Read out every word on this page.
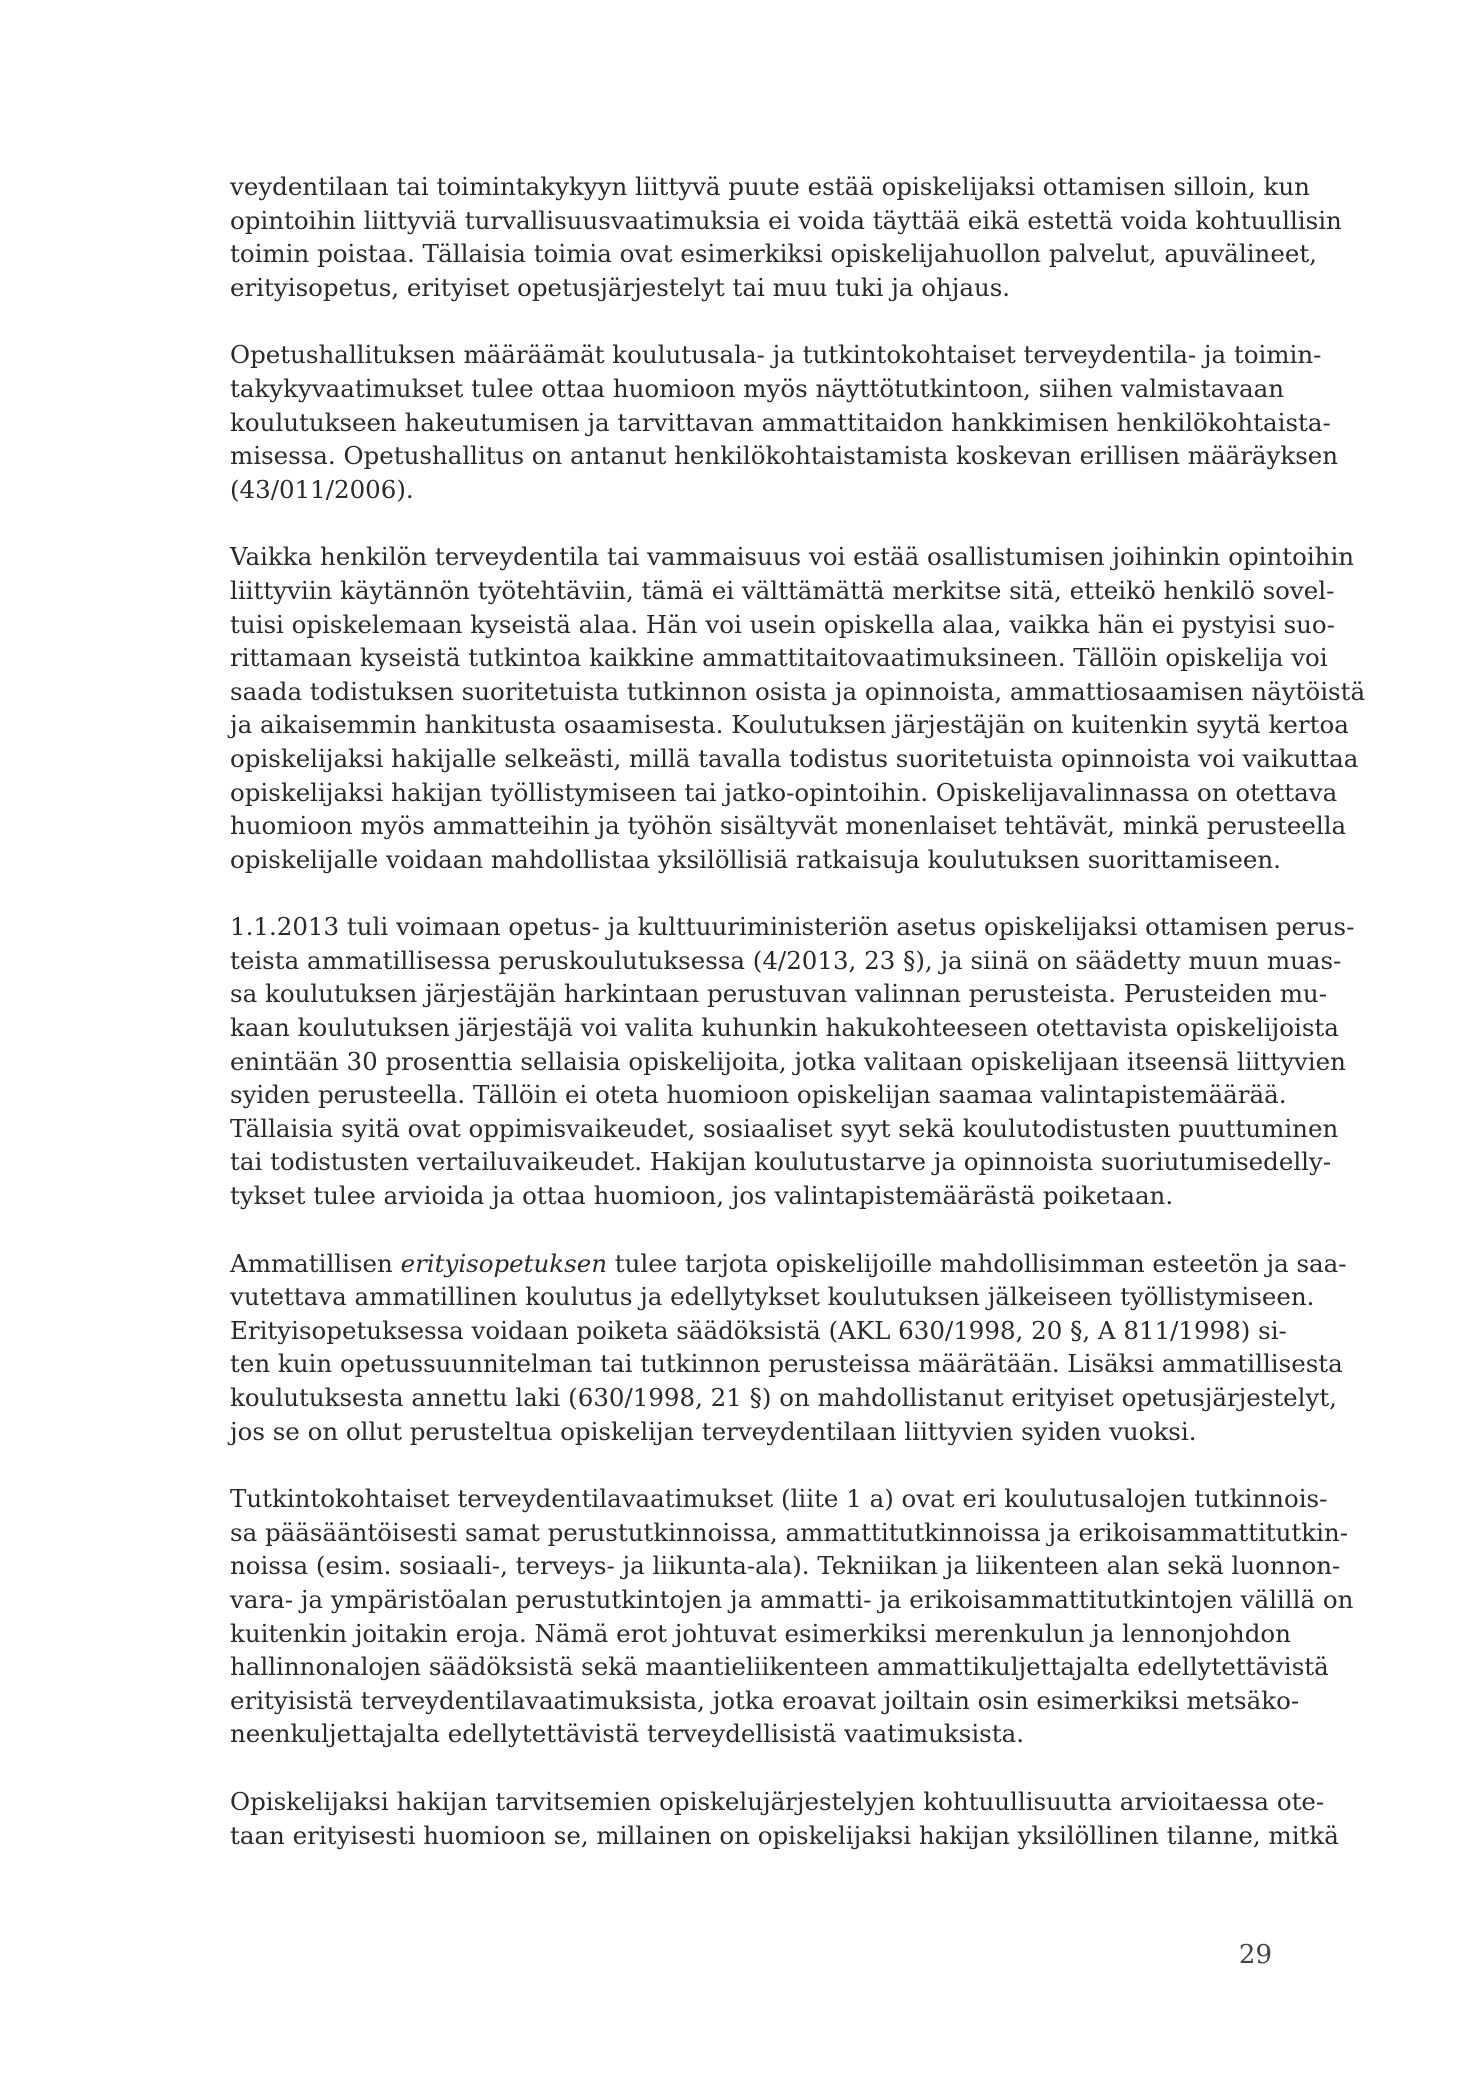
veydentilaan tai toimintakykyyn liittyvä puute estää opiskelijaksi ottamisen silloin, kun
opintoihin liittyviä turvallisuusvaatimuksia ei voida täyttää eikä estettä voida kohtuullisin
toimin poistaa. Tällaisia toimia ovat esimerkiksi opiskelijahuollon palvelut, apuvälineet,
erityisopetus, erityiset opetusjärjestelyt tai muu tuki ja ohjaus.

Opetushallituksen määräämät koulutusala- ja tutkintokohtaiset terveydentila- ja toimin-
takykyvaatimukset tulee ottaa huomioon myös näyttötutkintoon, siihen valmistavaan
koulutukseen hakeutumisen ja tarvittavan ammattitaidon hankkimisen henkilökohtaista-
misessa. Opetushallitus on antanut henkilökohtaistamista koskevan erillisen määräyksen
(43/011/2006).

Vaikka henkilön terveydentila tai vammaisuus voi estää osallistumisen joihinkin opintoihin
liittyviin käytännön työtehtäviin, tämä ei välttämättä merkitse sitä, etteikö henkilö sovel-
tuisi opiskelemaan kyseistä alaa. Hän voi usein opiskella alaa, vaikka hän ei pystyisi suo-
rittamaan kyseistä tutkintoa kaikkine ammattitaitovaatimuksineen. Tällöin opiskelija voi
saada todistuksen suoritetuista tutkinnon osista ja opinnoista, ammattiosaamisen näytöistä
ja aikaisemmin hankitusta osaamisesta. Koulutuksen järjestäjän on kuitenkin syytä kertoa
opiskelijaksi hakijalle selkeästi, millä tavalla todistus suoritetuista opinnoista voi vaikuttaa
opiskelijaksi hakijan työllistymiseen tai jatko-opintoihin. Opiskelijavalinnassa on otettava
huomioon myös ammatteihin ja työhön sisältyvät monenlaiset tehtävät, minkä perusteella
opiskelijalle voidaan mahdollistaa yksilöllisiä ratkaisuja koulutuksen suorittamiseen.

1.1.2013 tuli voimaan opetus- ja kulttuuriministeriön asetus opiskelijaksi ottamisen perus-
teista ammatillisessa peruskoulutuksessa (4/2013, 23 §), ja siinä on säädetty muun muas-
sa koulutuksen järjestäjän harkintaan perustuvan valinnan perusteista. Perusteiden mu-
kaan koulutuksen järjestäjä voi valita kuhunkin hakukohteeseen otettavista opiskelijoista
enintään 30 prosenttia sellaisia opiskelijoita, jotka valitaan opiskelijaan itseensä liittyvien
syiden perusteella. Tällöin ei oteta huomioon opiskelijan saamaa valintapistemäärää.
Tällaisia syitä ovat oppimisvaikeudet, sosiaaliset syyt sekä koulutodistusten puuttuminen
tai todistusten vertailuvaikeudet. Hakijan koulutustarve ja opinnoista suoriutumisedelly-
tykset tulee arvioida ja ottaa huomioon, jos valintapistemäärästä poiketaan.

Ammatillisen erityisopetuksen tulee tarjota opiskelijoille mahdollisimman esteetön ja saa-
vutettava ammatillinen koulutus ja edellytykset koulutuksen jälkeiseen työllistymiseen.
Erityisopetuksessa voidaan poiketa säädöksistä (AKL 630/1998, 20 §, A 811/1998) si-
ten kuin opetussuunnitelman tai tutkinnon perusteissa määrätään. Lisäksi ammatillisesta
koulutuksesta annettu laki (630/1998, 21 §) on mahdollistanut erityiset opetusjärjestelyt,
jos se on ollut perusteltua opiskelijan terveydentilaan liittyvien syiden vuoksi.

Tutkintokohtaiset terveydentilavaatimukset (liite 1 a) ovat eri koulutusalojen tutkinnois-
sa pääsääntöisesti samat perustutkinnoissa, ammattitutkinnoissa ja erikoisammattitutkin-
noissa (esim. sosiaali-, terveys- ja liikunta-ala). Tekniikan ja liikenteen alan sekä luonnon-
vara- ja ympäristöalan perustutkintojen ja ammatti- ja erikoisammattitutkintojen välillä on
kuitenkin joitakin eroja. Nämä erot johtuvat esimerkiksi merenkulun ja lennonjohdon
hallinnonalojen säädöksistä sekä maantieliikenteen ammattikuljettajalta edellytettävistä
erityisistä terveydentilavaatimuksista, jotka eroavat joiltain osin esimerkiksi metsäko-
neenkuljettajalta edellytettävistä terveydellisistä vaatimuksista.

Opiskelijaksi hakijan tarvitsemien opiskelujärjestelyjen kohtuullisuutta arvioitaessa ote-
taan erityisesti huomioon se, millainen on opiskelijaksi hakijan yksilöllinen tilanne, mitkä

29
